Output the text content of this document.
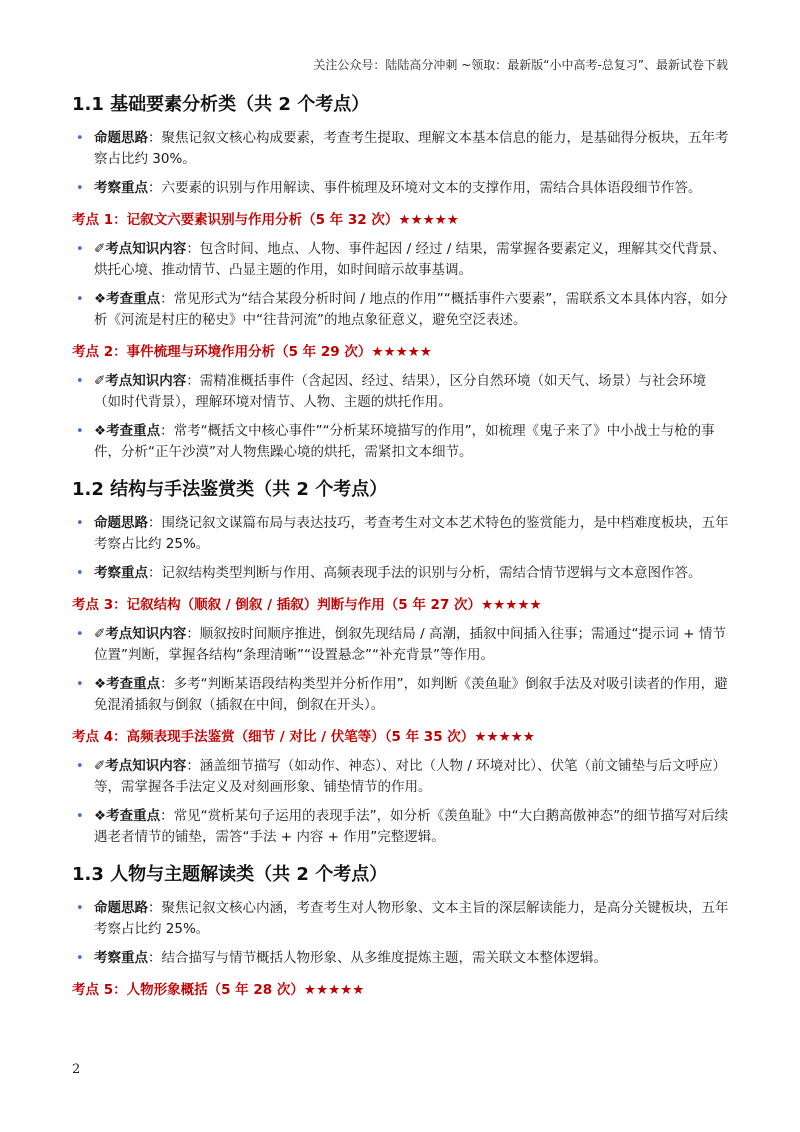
关注公众号：陆陆高分冲刺 ~领取：最新版“小中高考-总复习”、最新试卷下载
1.1 基础要素分析类（共 2 个考点）
• 命题思路：聚焦记叙文核心构成要素，考查考生提取、理解文本基本信息的能力，是基础得分板块，五年考察占比约 30%。
• 考察重点：六要素的识别与作用解读、事件梳理及环境对文本的支撑作用，需结合具体语段细节作答。
考点 1：记叙文六要素识别与作用分析（5 年 32 次）★★★★★
• ✐考点知识内容：包含时间、地点、人物、事件起因 / 经过 / 结果，需掌握各要素定义，理解其交代背景、烘托心境、推动情节、凸显主题的作用，如时间暗示故事基调。
• ❖考查重点：常见形式为“结合某段分析时间 / 地点的作用”“概括事件六要素”，需联系文本具体内容，如分析《河流是村庄的秘史》中“往昔河流”的地点象征意义，避免空泛表述。
考点 2：事件梳理与环境作用分析（5 年 29 次）★★★★★
• ✐考点知识内容：需精准概括事件（含起因、经过、结果），区分自然环境（如天气、场景）与社会环境（如时代背景），理解环境对情节、人物、主题的烘托作用。
• ❖考查重点：常考“概括文中核心事件”“分析某环境描写的作用”，如梳理《鬼子来了》中小战士与枪的事件，分析“正午沙漠”对人物焦躁心境的烘托，需紧扣文本细节。
1.2 结构与手法鉴赏类（共 2 个考点）
• 命题思路：围绕记叙文谋篇布局与表达技巧，考查考生对文本艺术特色的鉴赏能力，是中档难度板块，五年考察占比约 25%。
• 考察重点：记叙结构类型判断与作用、高频表现手法的识别与分析，需结合情节逻辑与文本意图作答。
考点 3：记叙结构（顺叙 / 倒叙 / 插叙）判断与作用（5 年 27 次）★★★★★
• ✐考点知识内容：顺叙按时间顺序推进，倒叙先现结局 / 高潮，插叙中间插入往事；需通过“提示词 + 情节位置”判断，掌握各结构“条理清晰”“设置悬念”“补充背景”等作用。
• ❖考查重点：多考“判断某语段结构类型并分析作用”，如判断《羡鱼耻》倒叙手法及对吸引读者的作用，避免混淆插叙与倒叙（插叙在中间，倒叙在开头）。
考点 4：高频表现手法鉴赏（细节 / 对比 / 伏笔等）（5 年 35 次）★★★★★
• ✐考点知识内容：涵盖细节描写（如动作、神态）、对比（人物 / 环境对比）、伏笔（前文铺垫与后文呼应）等，需掌握各手法定义及对刻画形象、铺垫情节的作用。
• ❖考查重点：常见“赏析某句子运用的表现手法”，如分析《羡鱼耻》中“大白鹅高傲神态”的细节描写对后续遇老者情节的铺垫，需答“手法 + 内容 + 作用”完整逻辑。
1.3 人物与主题解读类（共 2 个考点）
• 命题思路：聚焦记叙文核心内涵，考查考生对人物形象、文本主旨的深层解读能力，是高分关键板块，五年考察占比约 25%。
• 考察重点：结合描写与情节概括人物形象、从多维度提炼主题，需关联文本整体逻辑。
考点 5：人物形象概括（5 年 28 次）★★★★★
2
